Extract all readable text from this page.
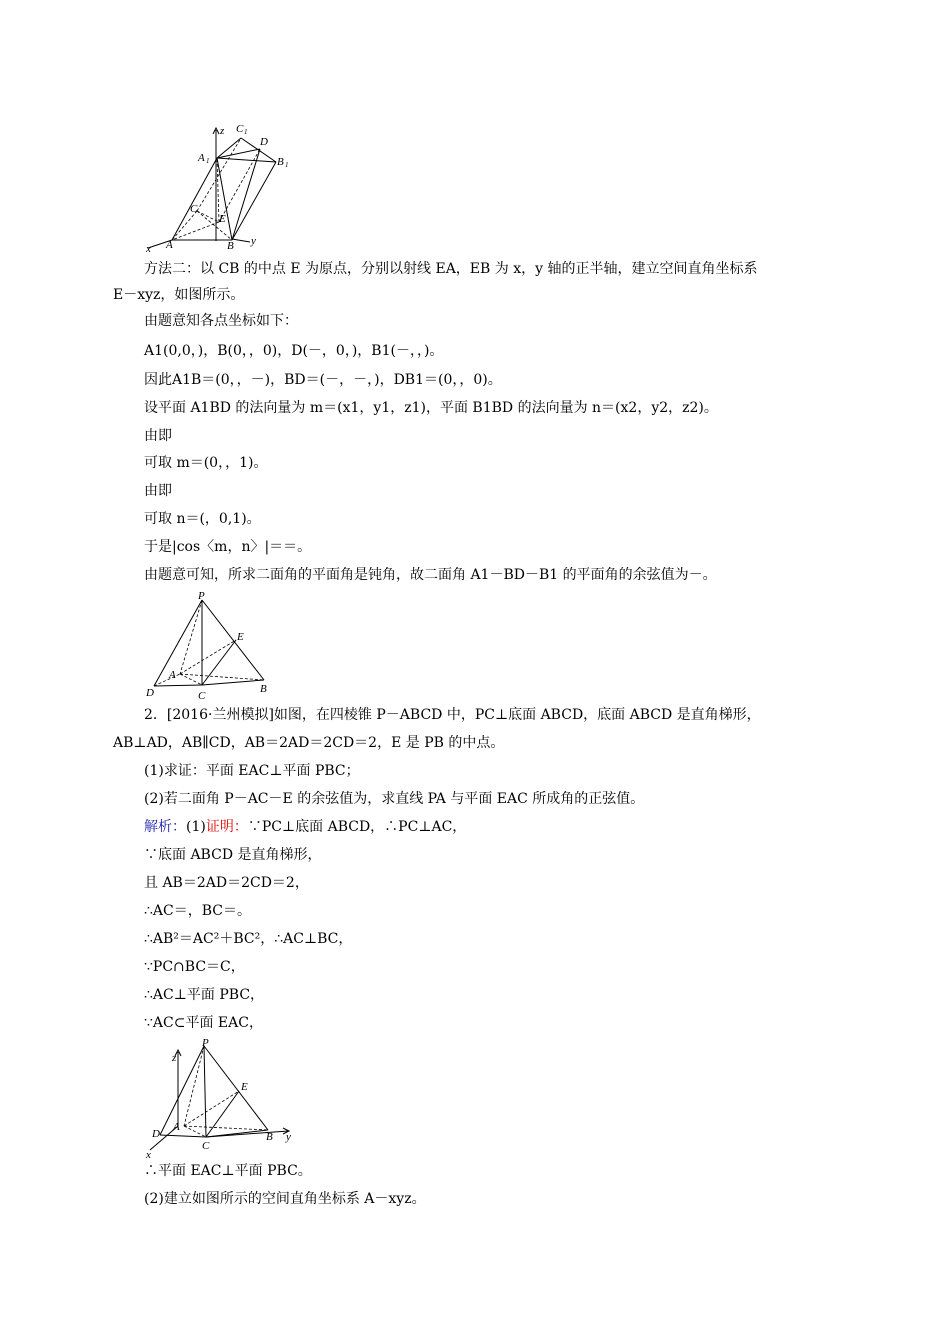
z C 1
D
A 1	B 1
C
E
x A	B y
方法二：以 CB 的中点 E 为原点，分别以射线 EA，EB 为 x，y 轴的正半轴，建立空间直角坐标系
E－xyz，如图所示。
由题意知各点坐标如下：
A1(0,0，)，B(0，，0)，D(－，0，)，B1(－，，)。
因此A1B＝(0，，－)，BD＝(－，－，)，DB1＝(0，，0)。
设平面 A1BD 的法向量为 m＝(x1，y1，z1)，平面 B1BD 的法向量为 n＝(x2，y2，z2)。
由即
可取 m＝(0，，1)。
由即
可取 n＝(，0,1)。
于是|cos〈m，n〉|＝＝。
由题意可知，所求二面角的平面角是钝角，故二面角 A1－BD－B1 的平面角的余弦值为－。
P
E
A
D	C
B
2．[2016·兰州模拟]如图，在四棱锥 P－ABCD 中，PC⊥底面 ABCD，底面 ABCD 是直角梯形，
AB⊥AD，AB∥CD，AB＝2AD＝2CD＝2，E 是 PB 的中点。
(1)求证：平面 EAC⊥平面 PBC；
(2)若二面角 P－AC－E 的余弦值为，求直线 PA 与平面 EAC 所成角的正弦值。
解析：(1)证明：∵PC⊥底面 ABCD，∴PC⊥AC，
∵底面 ABCD 是直角梯形，
且 AB＝2AD＝2CD＝2，
∴AC＝，BC＝。
∴AB²＝AC²＋BC²，∴AC⊥BC，
∵PC∩BC＝C，
∴AC⊥平面 PBC，
∵AC⊂平面 EAC，
z
P
E
A
D
C
B y
x
∴平面 EAC⊥平面 PBC。
(2)建立如图所示的空间直角坐标系 A－xyz。
